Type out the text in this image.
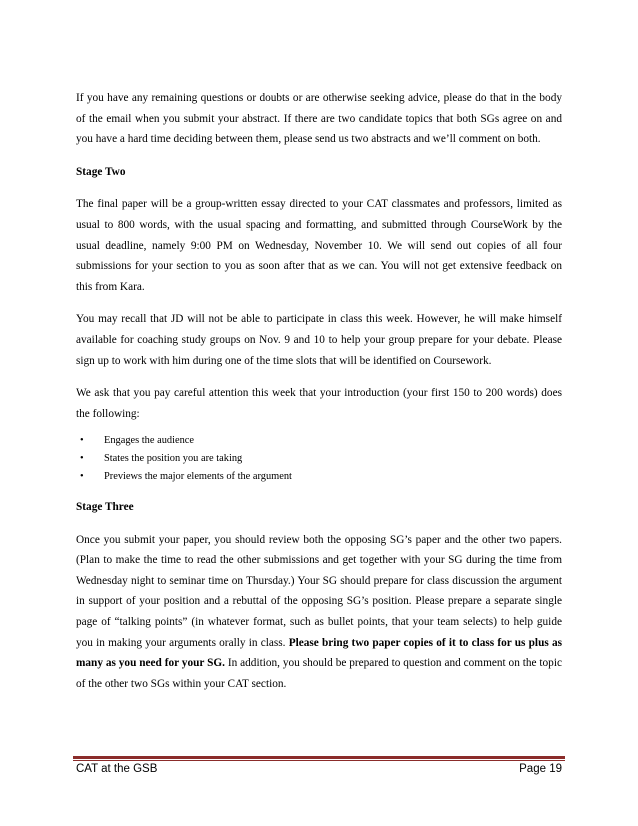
If you have any remaining questions or doubts or are otherwise seeking advice, please do that in the body of the email when you submit your abstract. If there are two candidate topics that both SGs agree on and you have a hard time deciding between them, please send us two abstracts and we’ll comment on both.

Stage Two

The final paper will be a group-written essay directed to your CAT classmates and professors, limited as usual to 800 words, with the usual spacing and formatting, and submitted through CourseWork by the usual deadline, namely 9:00 PM on Wednesday, November 10. We will send out copies of all four submissions for your section to you as soon after that as we can. You will not get extensive feedback on this from Kara.

You may recall that JD will not be able to participate in class this week. However, he will make himself available for coaching study groups on Nov. 9 and 10 to help your group prepare for your debate. Please sign up to work with him during one of the time slots that will be identified on Coursework.

We ask that you pay careful attention this week that your introduction (your first 150 to 200 words) does the following:

• Engages the audience
• States the position you are taking
• Previews the major elements of the argument

Stage Three

Once you submit your paper, you should review both the opposing SG’s paper and the other two papers. (Plan to make the time to read the other submissions and get together with your SG during the time from Wednesday night to seminar time on Thursday.) Your SG should prepare for class discussion the argument in support of your position and a rebuttal of the opposing SG’s position. Please prepare a separate single page of “talking points” (in whatever format, such as bullet points, that your team selects) to help guide you in making your arguments orally in class. Please bring two paper copies of it to class for us plus as many as you need for your SG. In addition, you should be prepared to question and comment on the topic of the other two SGs within your CAT section.

CAT at the GSB	Page 19
